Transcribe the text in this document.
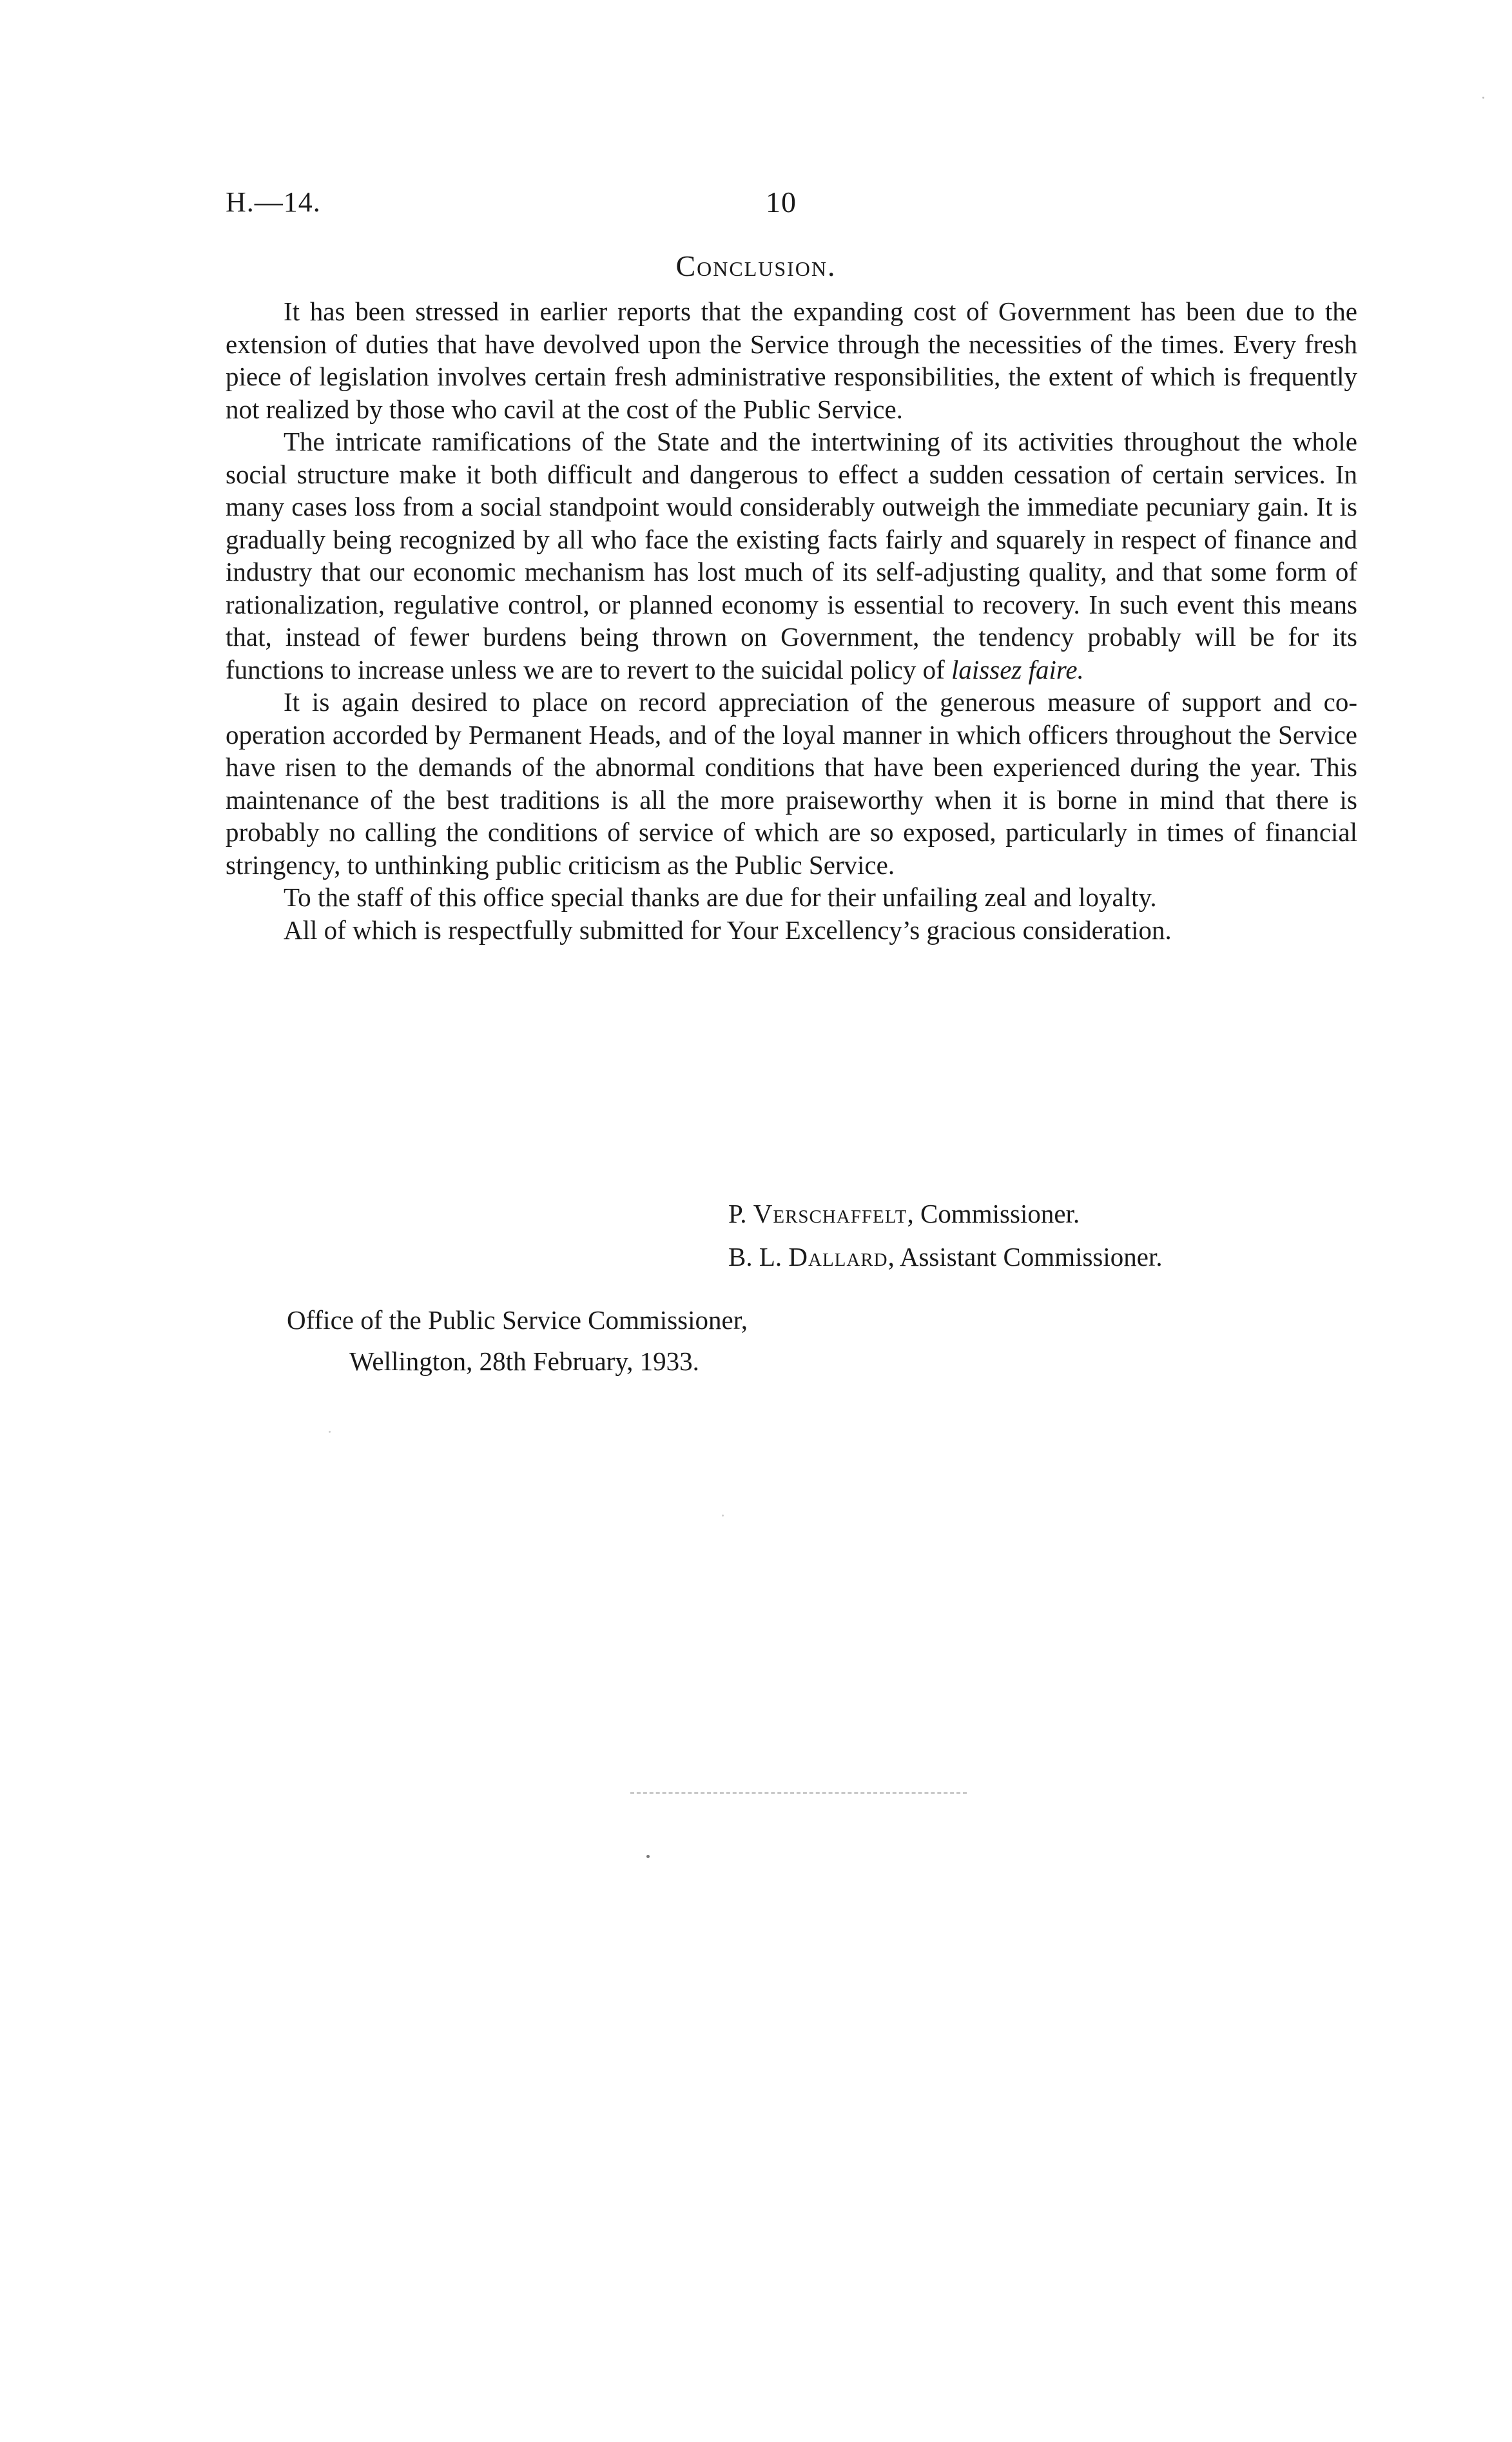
H.—14.	10
Conclusion.

It has been stressed in earlier reports that the expanding cost of Government has been due to the extension of duties that have devolved upon the Service through the necessities of the times. Every fresh piece of legislation involves certain fresh administrative responsibilities, the extent of which is frequently not realized by those who cavil at the cost of the Public Service.

The intricate ramifications of the State and the intertwining of its activities throughout the whole social structure make it both difficult and dangerous to effect a sudden cessation of certain services. In many cases loss from a social standpoint would considerably outweigh the immediate pecuniary gain. It is gradually being recognized by all who face the existing facts fairly and squarely in respect of finance and industry that our economic mechanism has lost much of its self-adjusting quality, and that some form of rationalization, regulative control, or planned economy is essential to recovery. In such event this means that, instead of fewer burdens being thrown on Government, the tendency probably will be for its functions to increase unless we are to revert to the suicidal policy of laissez faire.

It is again desired to place on record appreciation of the generous measure of support and co-operation accorded by Permanent Heads, and of the loyal manner in which officers throughout the Service have risen to the demands of the abnormal conditions that have been experienced during the year. This maintenance of the best traditions is all the more praiseworthy when it is borne in mind that there is probably no calling the conditions of service of which are so exposed, particularly in times of financial stringency, to unthinking public criticism as the Public Service.

To the staff of this office special thanks are due for their unfailing zeal and loyalty.

All of which is respectfully submitted for Your Excellency’s gracious consideration.

P. Verschaffelt, Commissioner.
B. L. Dallard, Assistant Commissioner.
Office of the Public Service Commissioner,
Wellington, 28th February, 1933.
